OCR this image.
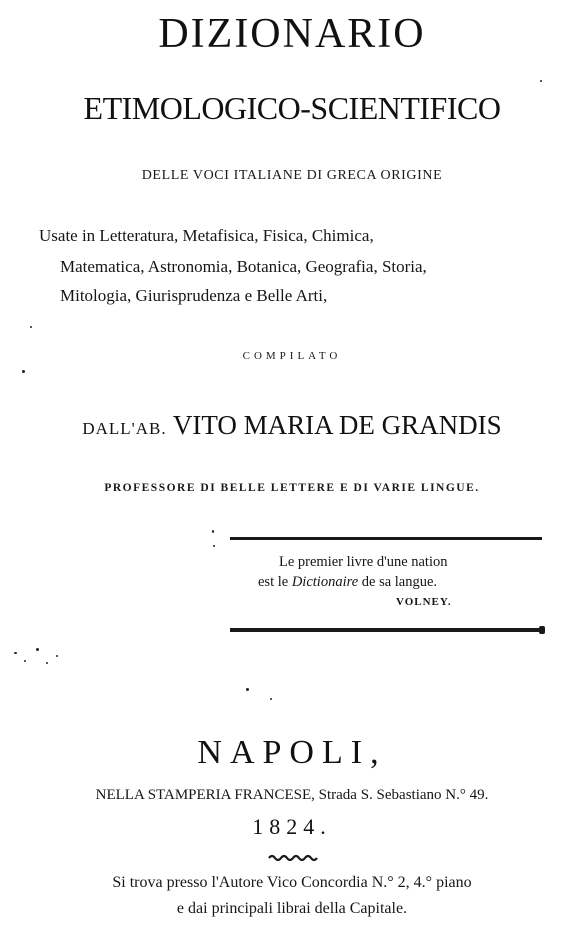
DIZIONARIO
ETIMOLOGICO-SCIENTIFICO
DELLE VOCI ITALIANE DI GRECA ORIGINE
Usate in Letteratura, Metafisica, Fisica, Chimica,
Matematica, Astronomia, Botanica, Geografia, Storia,
Mitologia, Giurisprudenza e Belle Arti,
COMPILATO
DALL'AB. VITO MARIA DE GRANDIS
PROFESSORE DI BELLE LETTERE E DI VARIE LINGUE.
Le premier livre d'une nation
est le Dictionaire de sa langue.
VOLNEY.
NAPOLI,
NELLA STAMPERIA FRANCESE, Strada S. Sebastiano N.° 49.
1824.
Si trova presso l'Autore Vico Concordia N.° 2, 4.° piano
e dai principali librai della Capitale.
